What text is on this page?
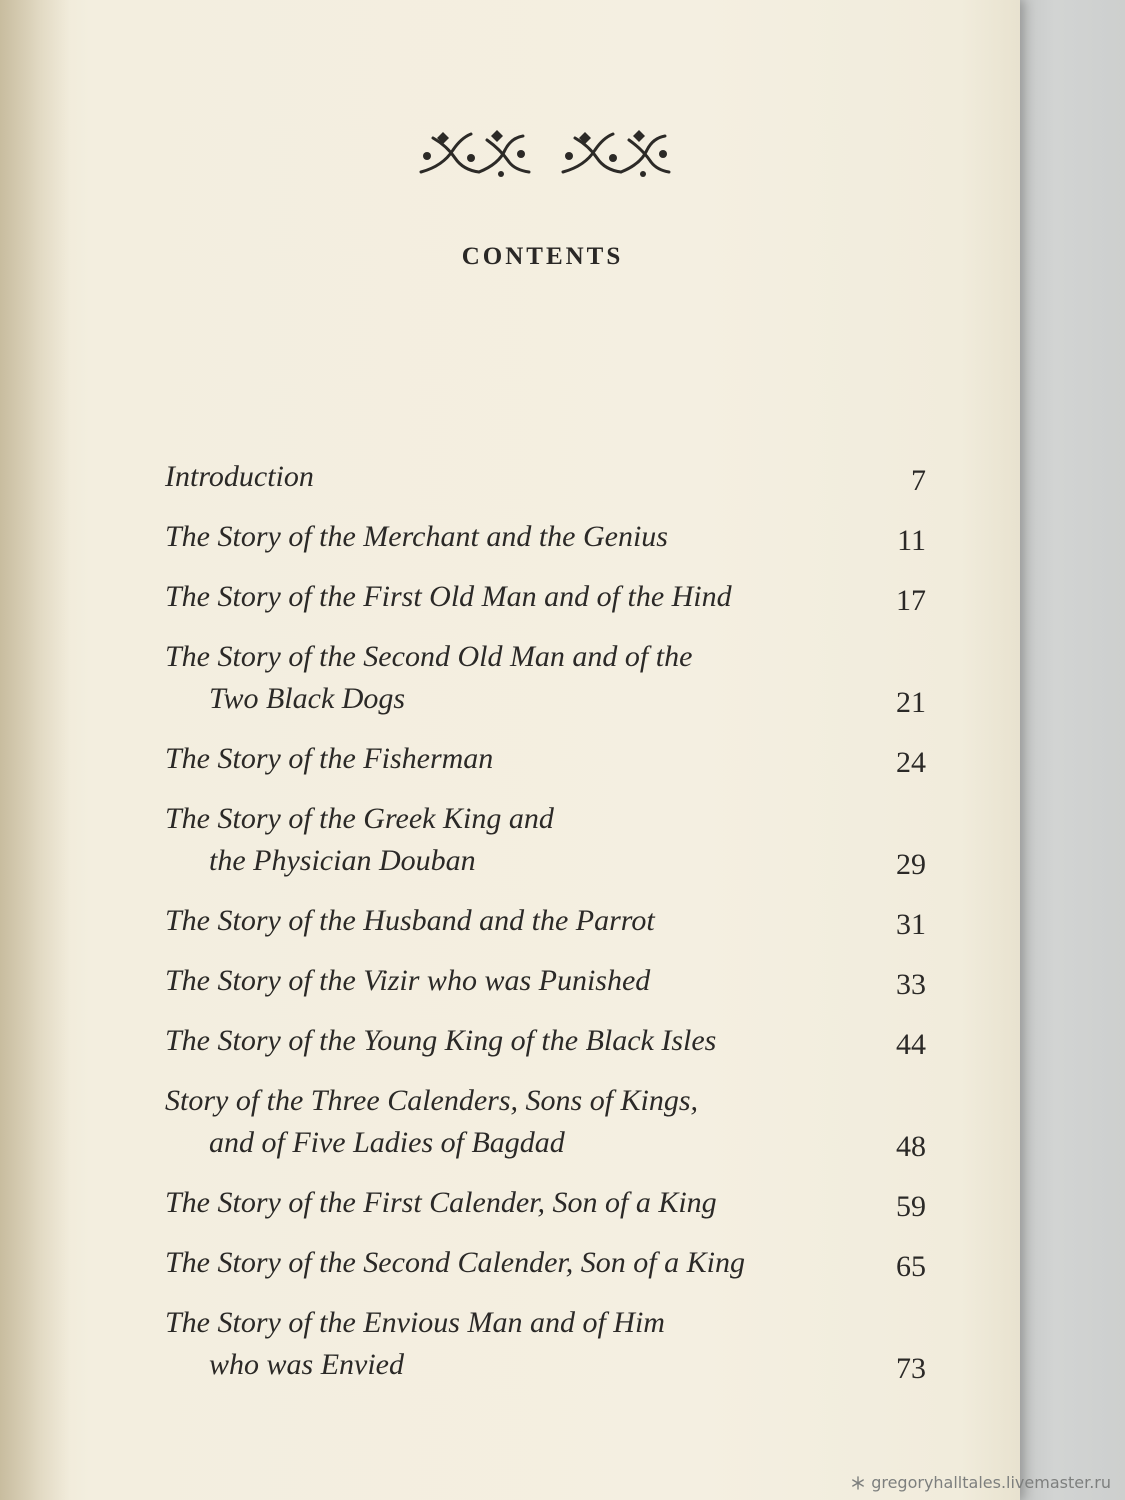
CONTENTS
Introduction	7
The Story of the Merchant and the Genius	11
The Story of the First Old Man and of the Hind	17
The Story of the Second Old Man and of the
Two Black Dogs	21
The Story of the Fisherman	24
The Story of the Greek King and
the Physician Douban	29
The Story of the Husband and the Parrot	31
The Story of the Vizir who was Punished	33
The Story of the Young King of the Black Isles	44
Story of the Three Calenders, Sons of Kings,
and of Five Ladies of Bagdad	48
The Story of the First Calender, Son of a King	59
The Story of the Second Calender, Son of a King	65
The Story of the Envious Man and of Him
who was Envied	73
gregoryhalltales.livemaster.ru
